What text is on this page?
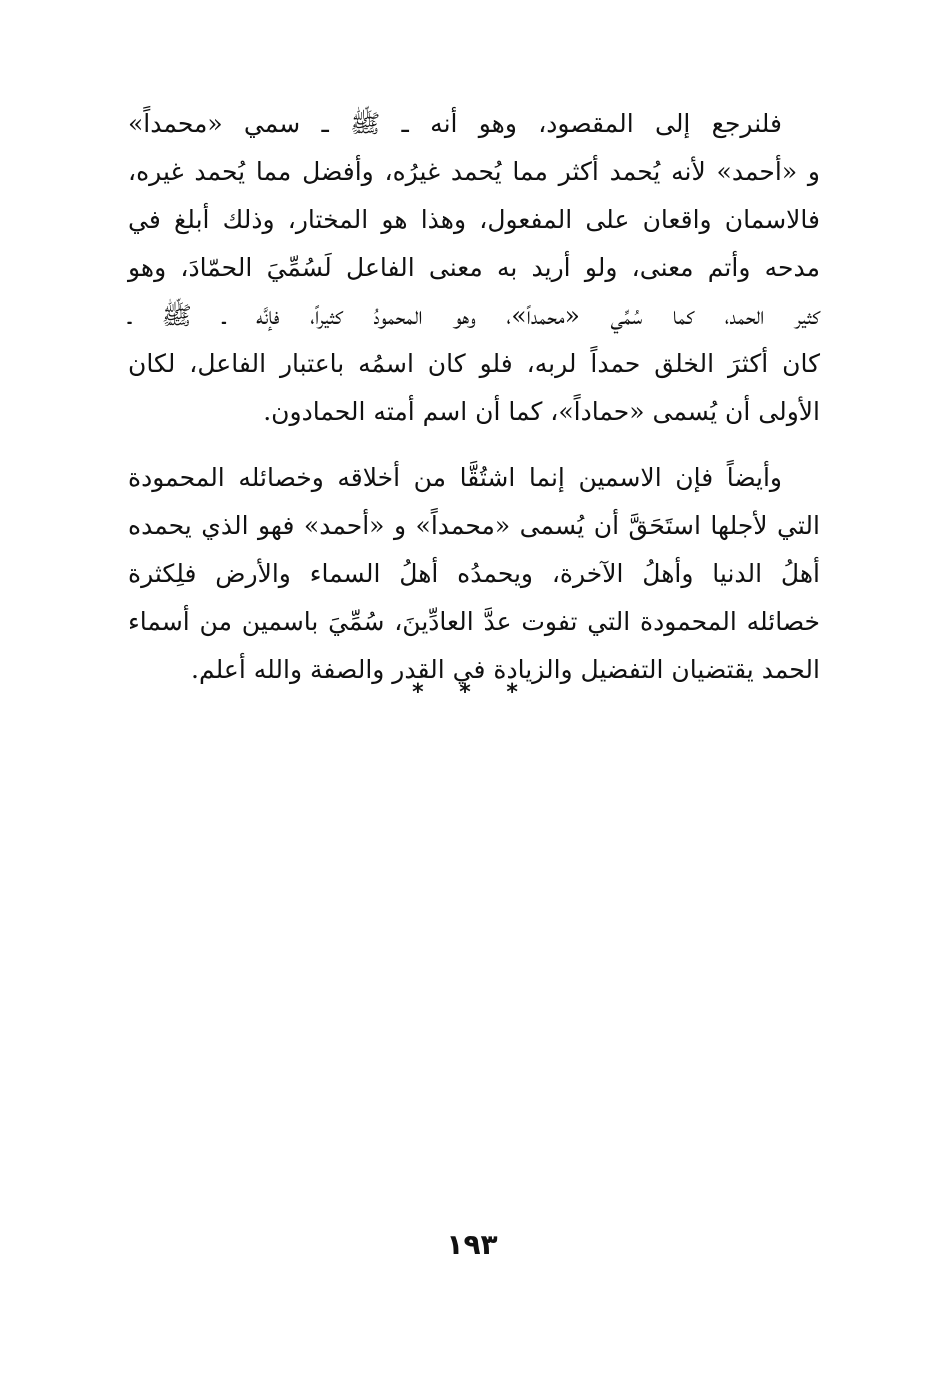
فلنرجع إلى المقصود، وهو أنه ـ ﷺ ـ سمي «محمداً»
و «أحمد» لأنه يُحمد أكثر مما يُحمد غيرُه، وأفضل مما يُحمد غيره،
فالاسمان واقعان على المفعول، وهذا هو المختار، وذلك أبلغ في
مدحه وأتم معنى، ولو أريد به معنى الفاعل لَسُمِّيَ الحمّادَ، وهو
كثير الحمد، كما سُمِّي «محمداً»، وهو المحمودُ كثيراً، فإنَّه ـ ﷺ ـ
كان أكثرَ الخلق حمداً لربه، فلو كان اسمُه باعتبار الفاعل، لكان
الأولى أن يُسمى «حماداً»، كما أن اسم أمته الحمادون.
وأيضاً فإن الاسمين إنما اشتُقَّا من أخلاقه وخصائله المحمودة
التي لأجلها استَحَقَّ أن يُسمى «محمداً» و «أحمد» فهو الذي يحمده
أهلُ الدنيا وأهلُ الآخرة، ويحمدُه أهلُ السماء والأرض فلِكثرة
خصائله المحمودة التي تفوت عدَّ العادِّينَ، سُمِّيَ باسمين من أسماء
الحمد يقتضيان التفضيل والزيادة في القدر والصفة والله أعلم.
* * *
١٩٣
